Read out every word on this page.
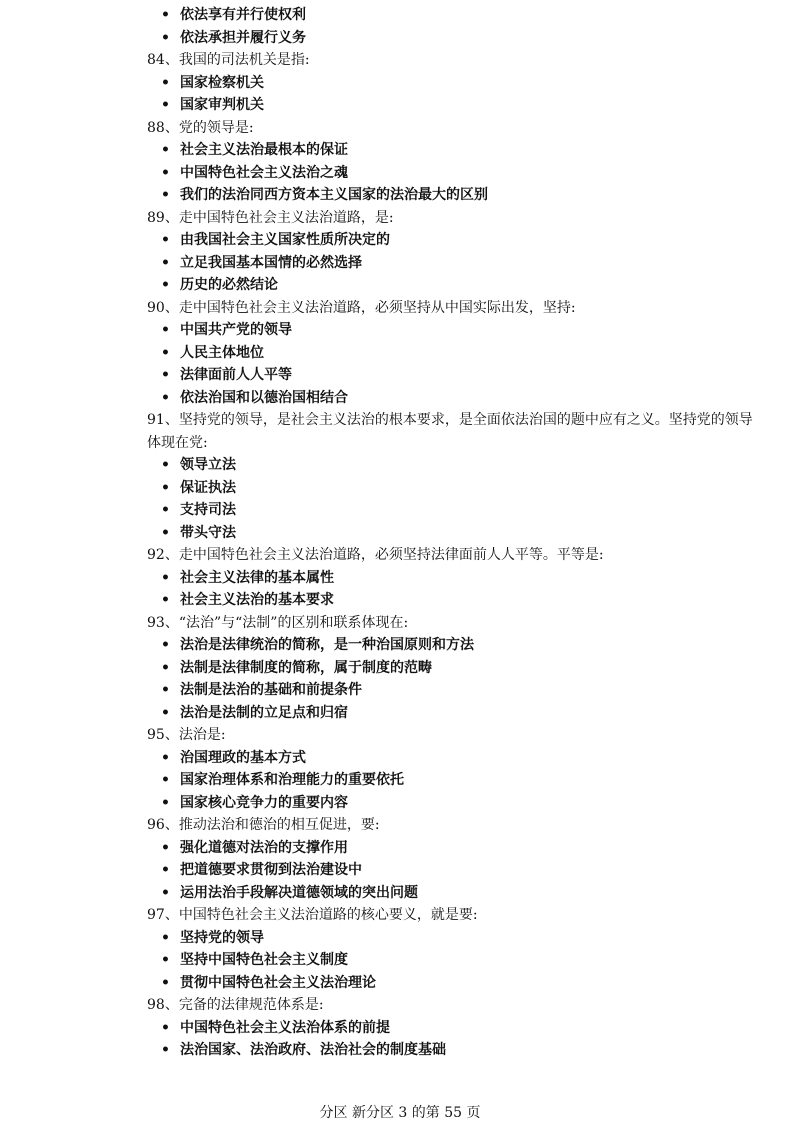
• 依法享有并行使权利
• 依法承担并履行义务
84、我国的司法机关是指:
• 国家检察机关
• 国家审判机关
88、党的领导是:
• 社会主义法治最根本的保证
• 中国特色社会主义法治之魂
• 我们的法治同西方资本主义国家的法治最大的区别
89、走中国特色社会主义法治道路，是:
• 由我国社会主义国家性质所决定的
• 立足我国基本国情的必然选择
• 历史的必然结论
90、走中国特色社会主义法治道路，必须坚持从中国实际出发，坚持:
• 中国共产党的领导
• 人民主体地位
• 法律面前人人平等
• 依法治国和以德治国相结合
91、坚持党的领导，是社会主义法治的根本要求，是全面依法治国的题中应有之义。坚持党的领导体现在党:
• 领导立法
• 保证执法
• 支持司法
• 带头守法
92、走中国特色社会主义法治道路，必须坚持法律面前人人平等。平等是:
• 社会主义法律的基本属性
• 社会主义法治的基本要求
93、“法治”与“法制”的区别和联系体现在:
• 法治是法律统治的简称，是一种治国原则和方法
• 法制是法律制度的简称，属于制度的范畴
• 法制是法治的基础和前提条件
• 法治是法制的立足点和归宿
95、法治是:
• 治国理政的基本方式
• 国家治理体系和治理能力的重要依托
• 国家核心竞争力的重要内容
96、推动法治和德治的相互促进，要:
• 强化道德对法治的支撑作用
• 把道德要求贯彻到法治建设中
• 运用法治手段解决道德领域的突出问题
97、中国特色社会主义法治道路的核心要义，就是要:
• 坚持党的领导
• 坚持中国特色社会主义制度
• 贯彻中国特色社会主义法治理论
98、完备的法律规范体系是:
• 中国特色社会主义法治体系的前提
• 法治国家、法治政府、法治社会的制度基础
分区 新分区 3 的第 55 页
